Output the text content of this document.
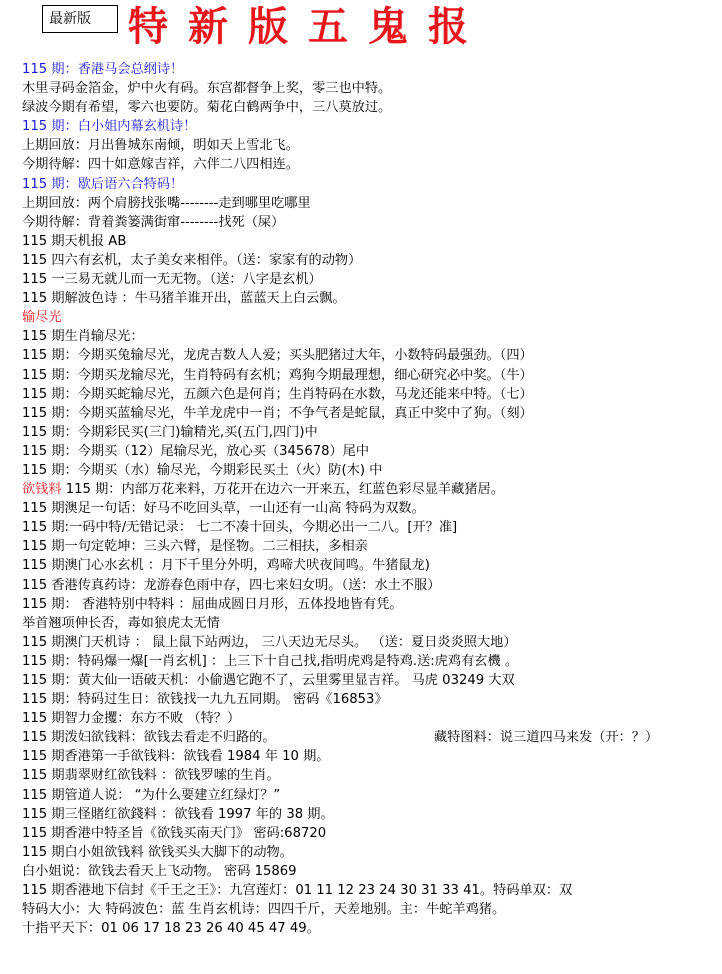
最新版 特新版五鬼报
115 期：香港马会总纲诗！
木里寻码金箔金，炉中火有码。东宫都督争上奖，零三也中特。
绿波今期有希望，零六也要防。菊花白鹤两争中，三八莫放过。
115 期：白小姐内幕玄机诗！
上期回放：月出鲁城东南倾，明如天上雪北飞。
今期待解：四十如意嫁吉祥，六伴二八四相连。
115 期：歇后语六合特码！
上期回放：两个肩膀找张嘴--------走到哪里吃哪里
今期待解：背着粪篓满街窜--------找死（屎）
115 期天机报 AB
115 四六有玄机，太子美女来相伴。（送：家家有的动物）
115 一三易无就儿而一无无物。（送：八字是玄机）
115 期解波色诗 ：牛马猪羊谁开出，蓝蓝天上白云飘。
输尽光
115 期生肖输尽光：
115 期：今期买兔输尽光，龙虎吉数人人爱；买头肥猪过大年，小数特码最强劲。（四）
115 期：今期买龙输尽光，生肖特码有玄机；鸡狗今期最理想，细心研究必中奖。（牛）
115 期：今期买蛇输尽光，五颜六色是何肖；生肖特码在水数，马龙还能来中特。（七）
115 期：今期买蓝输尽光，牛羊龙虎中一肖；不争气者是蛇鼠，真正中奖中了狗。（刻）
115 期：今期彩民买(三门)输精光,买(五门,四门)中
115 期：今期买（12）尾输尽光，放心买（345678）尾中
115 期：今期买（水）输尽光，今期彩民买土（火）防(木) 中
欲钱料 115 期：内部万花来料，万花开在边六一开来五，红蓝色彩尽显羊藏猪居。
115 期澳足一句话：好马不吃回头草，一山还有一山高 特码为双数。
115 期:一码中特/无错记录： 七二不凑十回头，今期必出一二八。[开？准]
115 期一句定乾坤：三头六臂，是怪物。二三相扶，多相亲
115 期澳门心水玄机 ：月下千里分外明，鸡啼犬吠夜间鸣。牛猪鼠龙)
115 香港传真药诗：龙游春色雨中存，四七来妇女明。（送：水土不服）
115 期： 香港特别中特料 ：屈曲成圆日月形，五体投地皆有凭。
举首翘项伸长否，毒如狼虎太无情
115 期澳门天机诗 ： 鼠上鼠下站两边， 三八天边无尽头。 （送：夏日炎炎照大地）
115 期：特码爆一爆[一肖玄机] ：上三下十自己找,指明虎鸡是特鸡.送:虎鸡有玄機 。
115 期：黄大仙一语破天机：小偷遇它跑不了，云里雾里显吉祥。 马虎 03249 大双
115 期：特码过生日：欲钱找一九九五同期。 密码《16853》
115 期智力金攫：东方不败 （特？）
115 期泼妇欲钱料：欲钱去看走不归路的。	藏特图料：说三道四马来发（开：？）
115 期香港第一手欲钱料：欲钱看 1984 年 10 期。
115 期翡翠财红欲钱料 ：欲钱罗嗦的生肖。
115 期管道人说： “为什么要建立红绿灯？”
115 期三怪賭红欲錢料 ：欲钱看 1997 年的 38 期。
115 期香港中特圣旨《欲钱买南天门》 密码:68720
115 期白小姐欲钱料 欲钱买头大脚下的动物。
白小姐说：欲钱去看天上飞动物。 密码 15869
115 期香港地下信封《千王之王》：九宫莲灯：01 11 12 23 24 30 31 33 41。特码单双：双
特码大小：大 特码波色：蓝 生肖玄机诗：四四千斤，天差地别。主：牛蛇羊鸡猪。
十指平天下：01 06 17 18 23 26 40 45 47 49。
